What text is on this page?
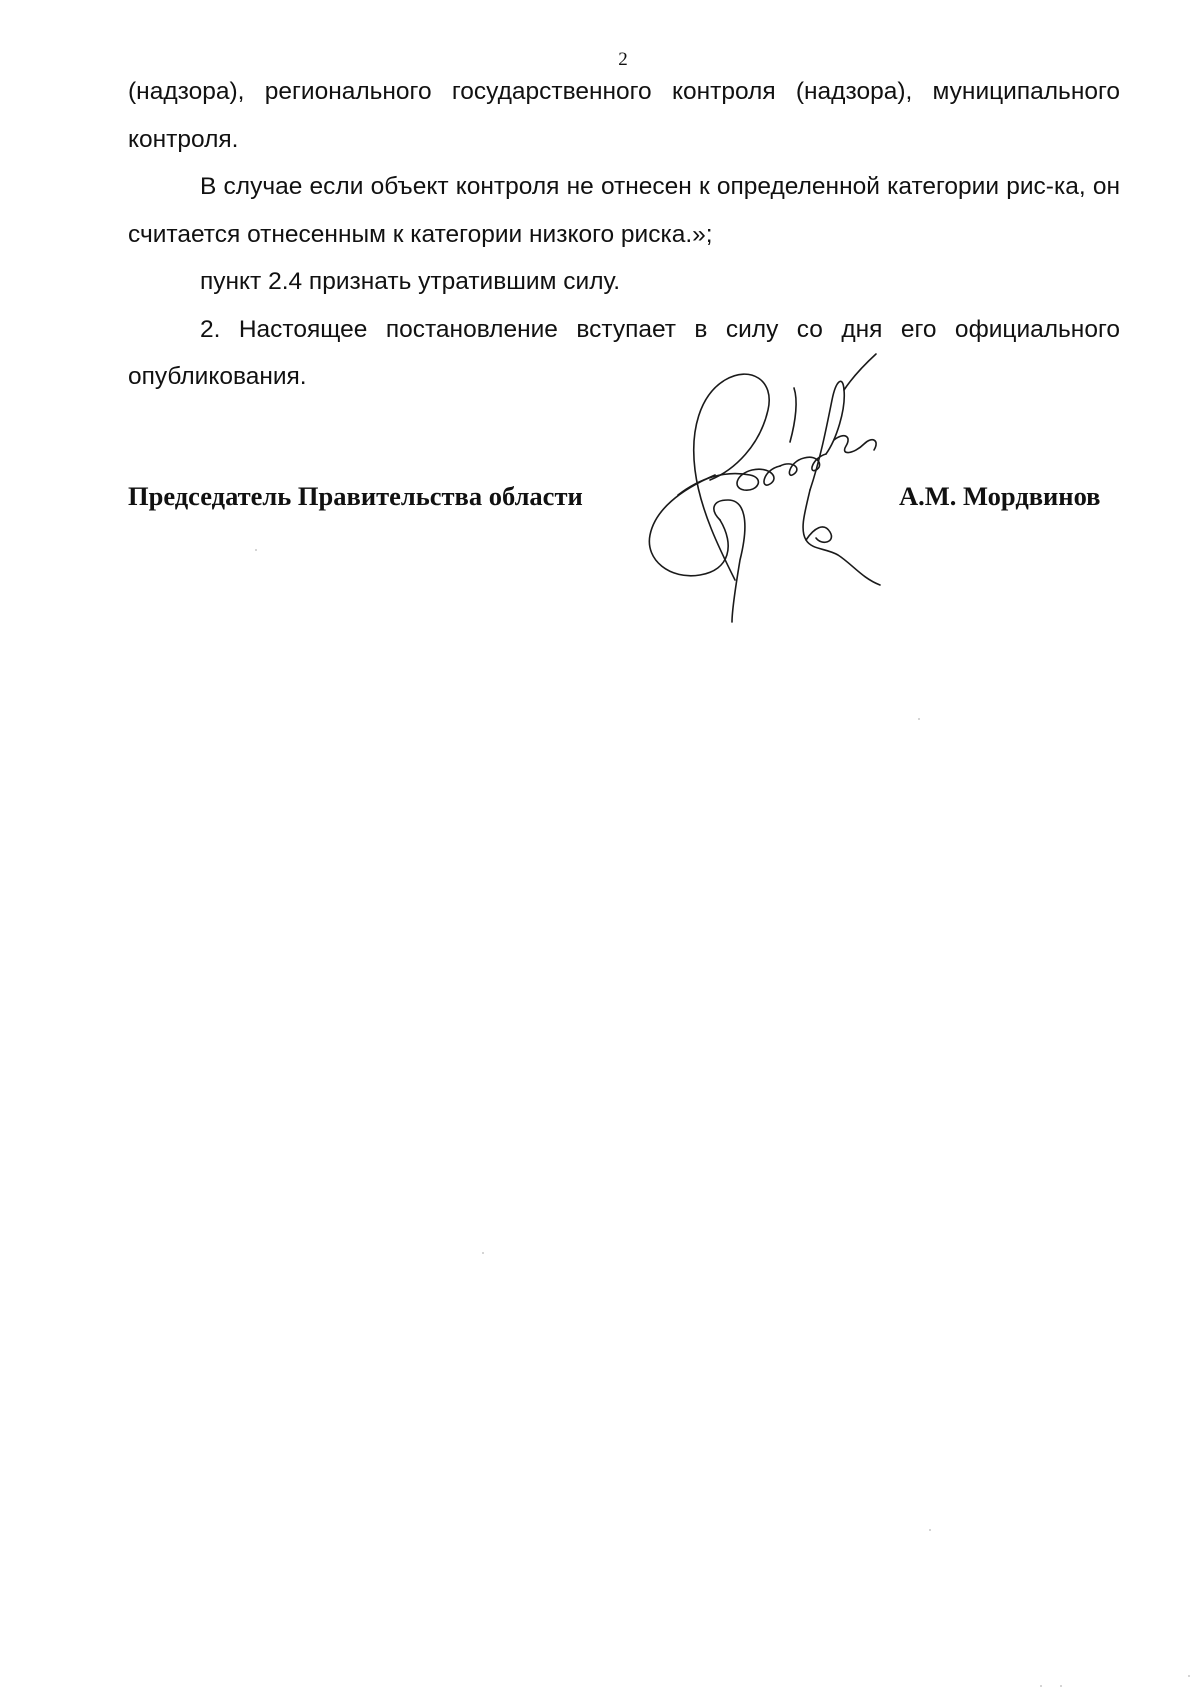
2

(надзора), регионального государственного контроля (надзора), муниципального контроля.

В случае если объект контроля не отнесен к определенной категории рис-ка, он считается отнесенным к категории низкого риска.»;

пункт 2.4 признать утратившим силу.

2. Настоящее постановление вступает в силу со дня его официального опубликования.

Председатель Правительства области	А.М. Мордвинов
